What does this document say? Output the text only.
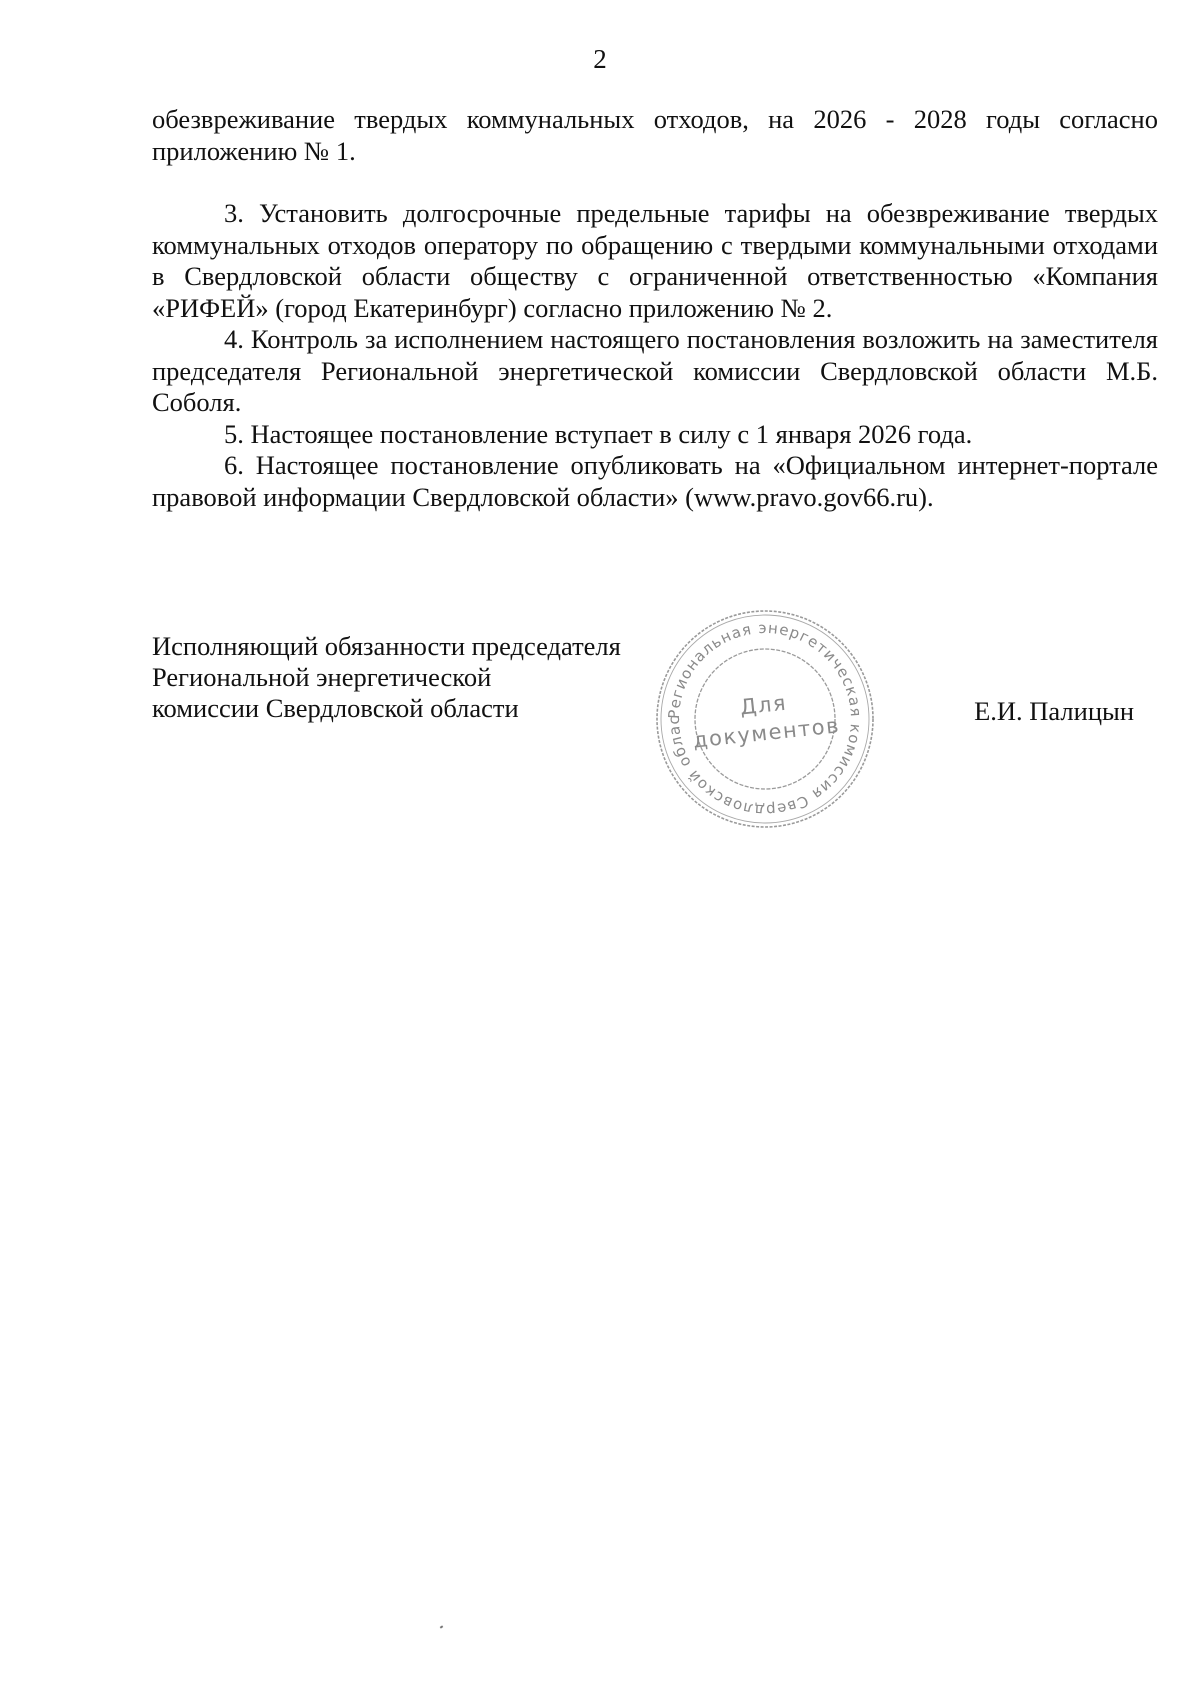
2

обезвреживание твердых коммунальных отходов, на 2026 - 2028 годы согласно приложению № 1.

3. Установить долгосрочные предельные тарифы на обезвреживание твердых коммунальных отходов оператору по обращению с твердыми коммунальными отходами в Свердловской области обществу с ограниченной ответственностью «Компания «РИФЕЙ» (город Екатеринбург) согласно приложению № 2.

4. Контроль за исполнением настоящего постановления возложить на заместителя председателя Региональной энергетической комиссии Свердловской области М.Б. Соболя.

5. Настоящее постановление вступает в силу с 1 января 2026 года.

6. Настоящее постановление опубликовать на «Официальном интернет-портале правовой информации Свердловской области» (www.pravo.gov66.ru).

Исполняющий обязанности председателя
Региональной энергетической
комиссии Свердловской области	Региональная энергетическая комиссия Свердловской облас
Для
документов
Е.И. Палицын
